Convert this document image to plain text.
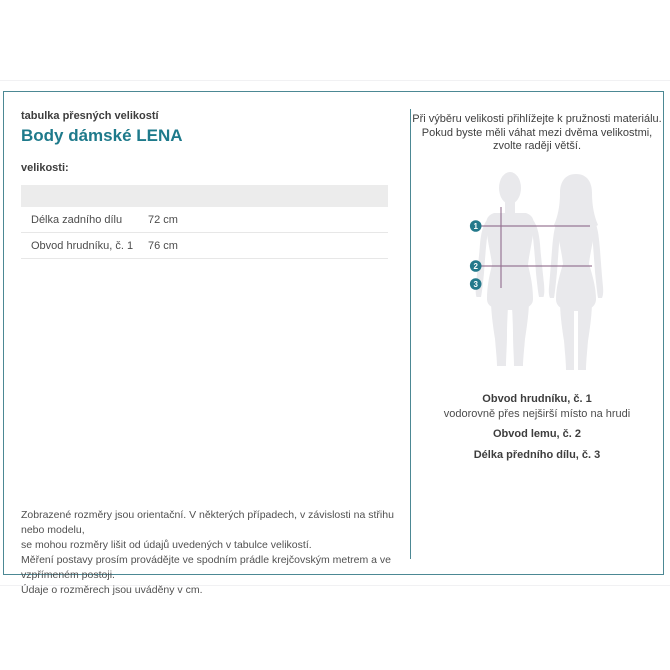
tabulka přesných velikostí
Body dámské LENA
velikosti:
Délka zadního dílu 72 cm
Obvod hrudníku, č. 1 76 cm
Zobrazené rozměry jsou orientační. V některých případech, v závislosti na střihu nebo modelu,
se mohou rozměry lišit od údajů uvedených v tabulce velikostí.
Měření postavy prosím provádějte ve spodním prádle krejčovským metrem a ve vzpřímeném postoji.
Údaje o rozměrech jsou uváděny v cm.
Při výběru velikosti přihlížejte k pružnosti materiálu.
Pokud byste měli váhat mezi dvěma velikostmi,
zvolte raději větší.
1
2
3
Obvod hrudníku, č. 1
vodorovně přes nejširší místo na hrudi
Obvod lemu, č. 2
Délka předního dílu, č. 3
